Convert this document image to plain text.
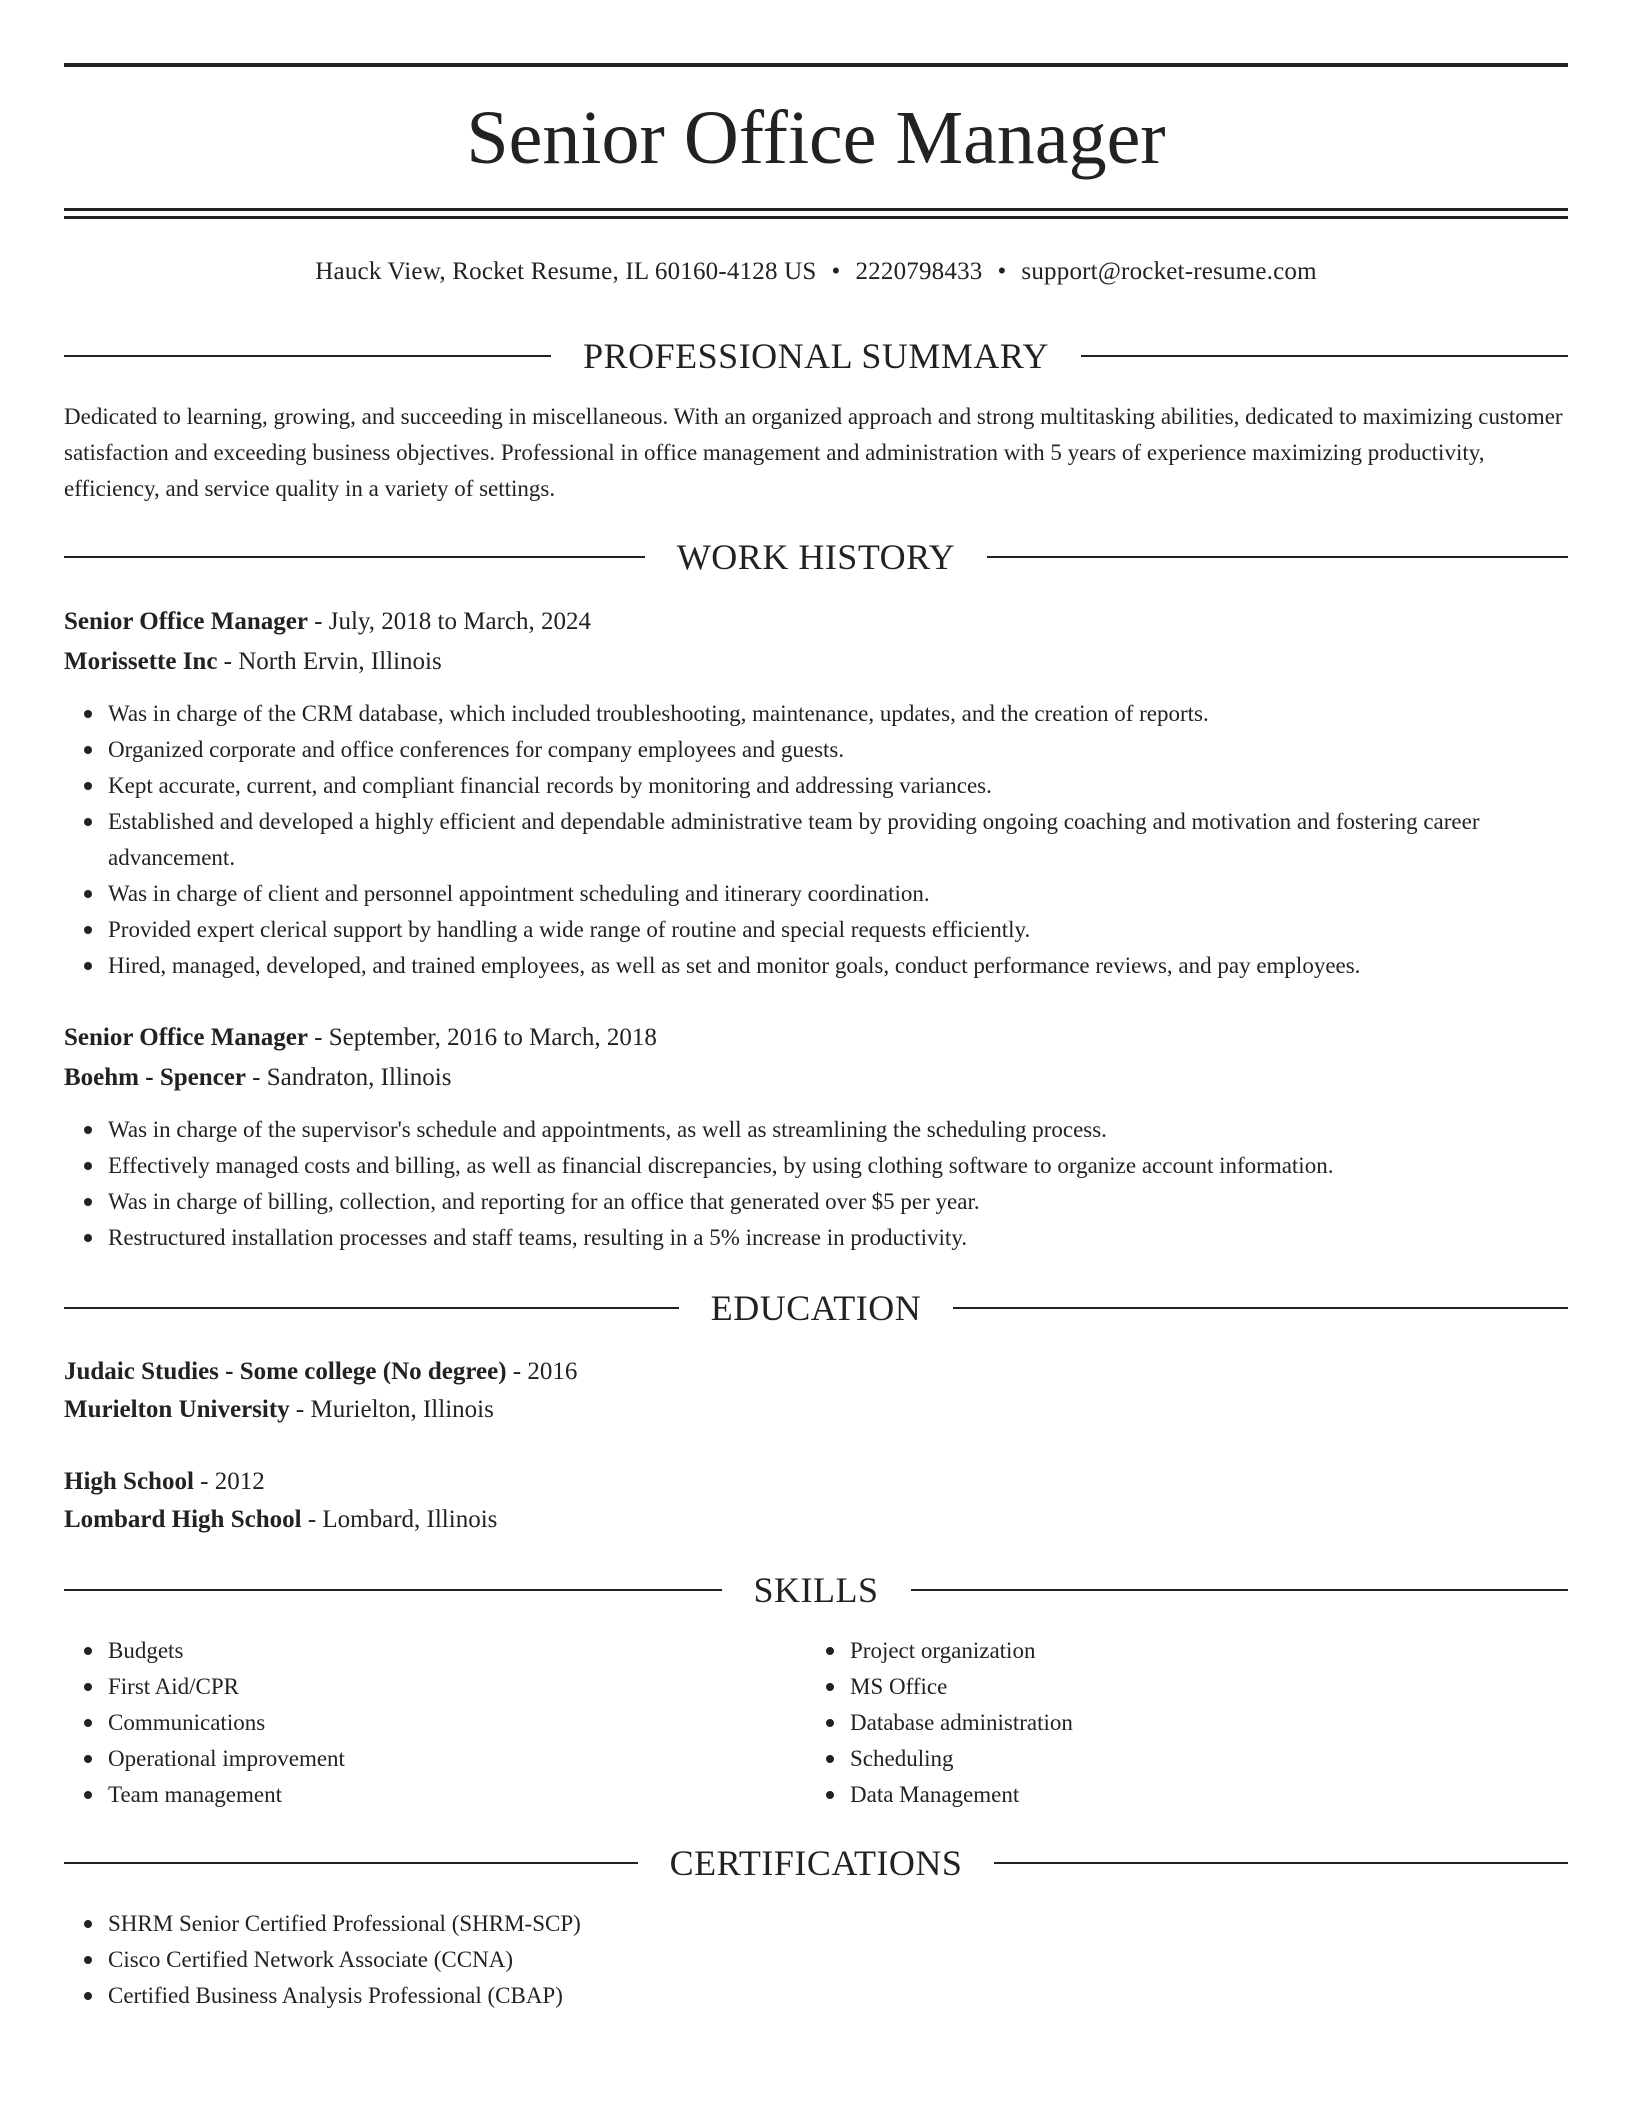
Senior Office Manager
Hauck View, Rocket Resume, IL 60160-4128 US • 2220798433 • support@rocket-resume.com
PROFESSIONAL SUMMARY

Dedicated to learning, growing, and succeeding in miscellaneous. With an organized approach and strong multitasking abilities, dedicated to maximizing customer satisfaction and exceeding business objectives. Professional in office management and administration with 5 years of experience maximizing productivity, efficiency, and service quality in a variety of settings.

WORK HISTORY
Senior Office Manager - July, 2018 to March, 2024
Morissette Inc - North Ervin, Illinois
Was in charge of the CRM database, which included troubleshooting, maintenance, updates, and the creation of reports.
Organized corporate and office conferences for company employees and guests.
Kept accurate, current, and compliant financial records by monitoring and addressing variances.
Established and developed a highly efficient and dependable administrative team by providing ongoing coaching and motivation and fostering career advancement.
Was in charge of client and personnel appointment scheduling and itinerary coordination.
Provided expert clerical support by handling a wide range of routine and special requests efficiently.
Hired, managed, developed, and trained employees, as well as set and monitor goals, conduct performance reviews, and pay employees.
Senior Office Manager - September, 2016 to March, 2018
Boehm - Spencer - Sandraton, Illinois
Was in charge of the supervisor's schedule and appointments, as well as streamlining the scheduling process.
Effectively managed costs and billing, as well as financial discrepancies, by using clothing software to organize account information.
Was in charge of billing, collection, and reporting for an office that generated over $5 per year.
Restructured installation processes and staff teams, resulting in a 5% increase in productivity.
EDUCATION
Judaic Studies - Some college (No degree) - 2016
Murielton University - Murielton, Illinois
High School - 2012
Lombard High School - Lombard, Illinois
SKILLS
Budgets
First Aid/CPR
Communications
Operational improvement
Team management
Project organization
MS Office
Database administration
Scheduling
Data Management
CERTIFICATIONS
SHRM Senior Certified Professional (SHRM-SCP)
Cisco Certified Network Associate (CCNA)
Certified Business Analysis Professional (CBAP)
